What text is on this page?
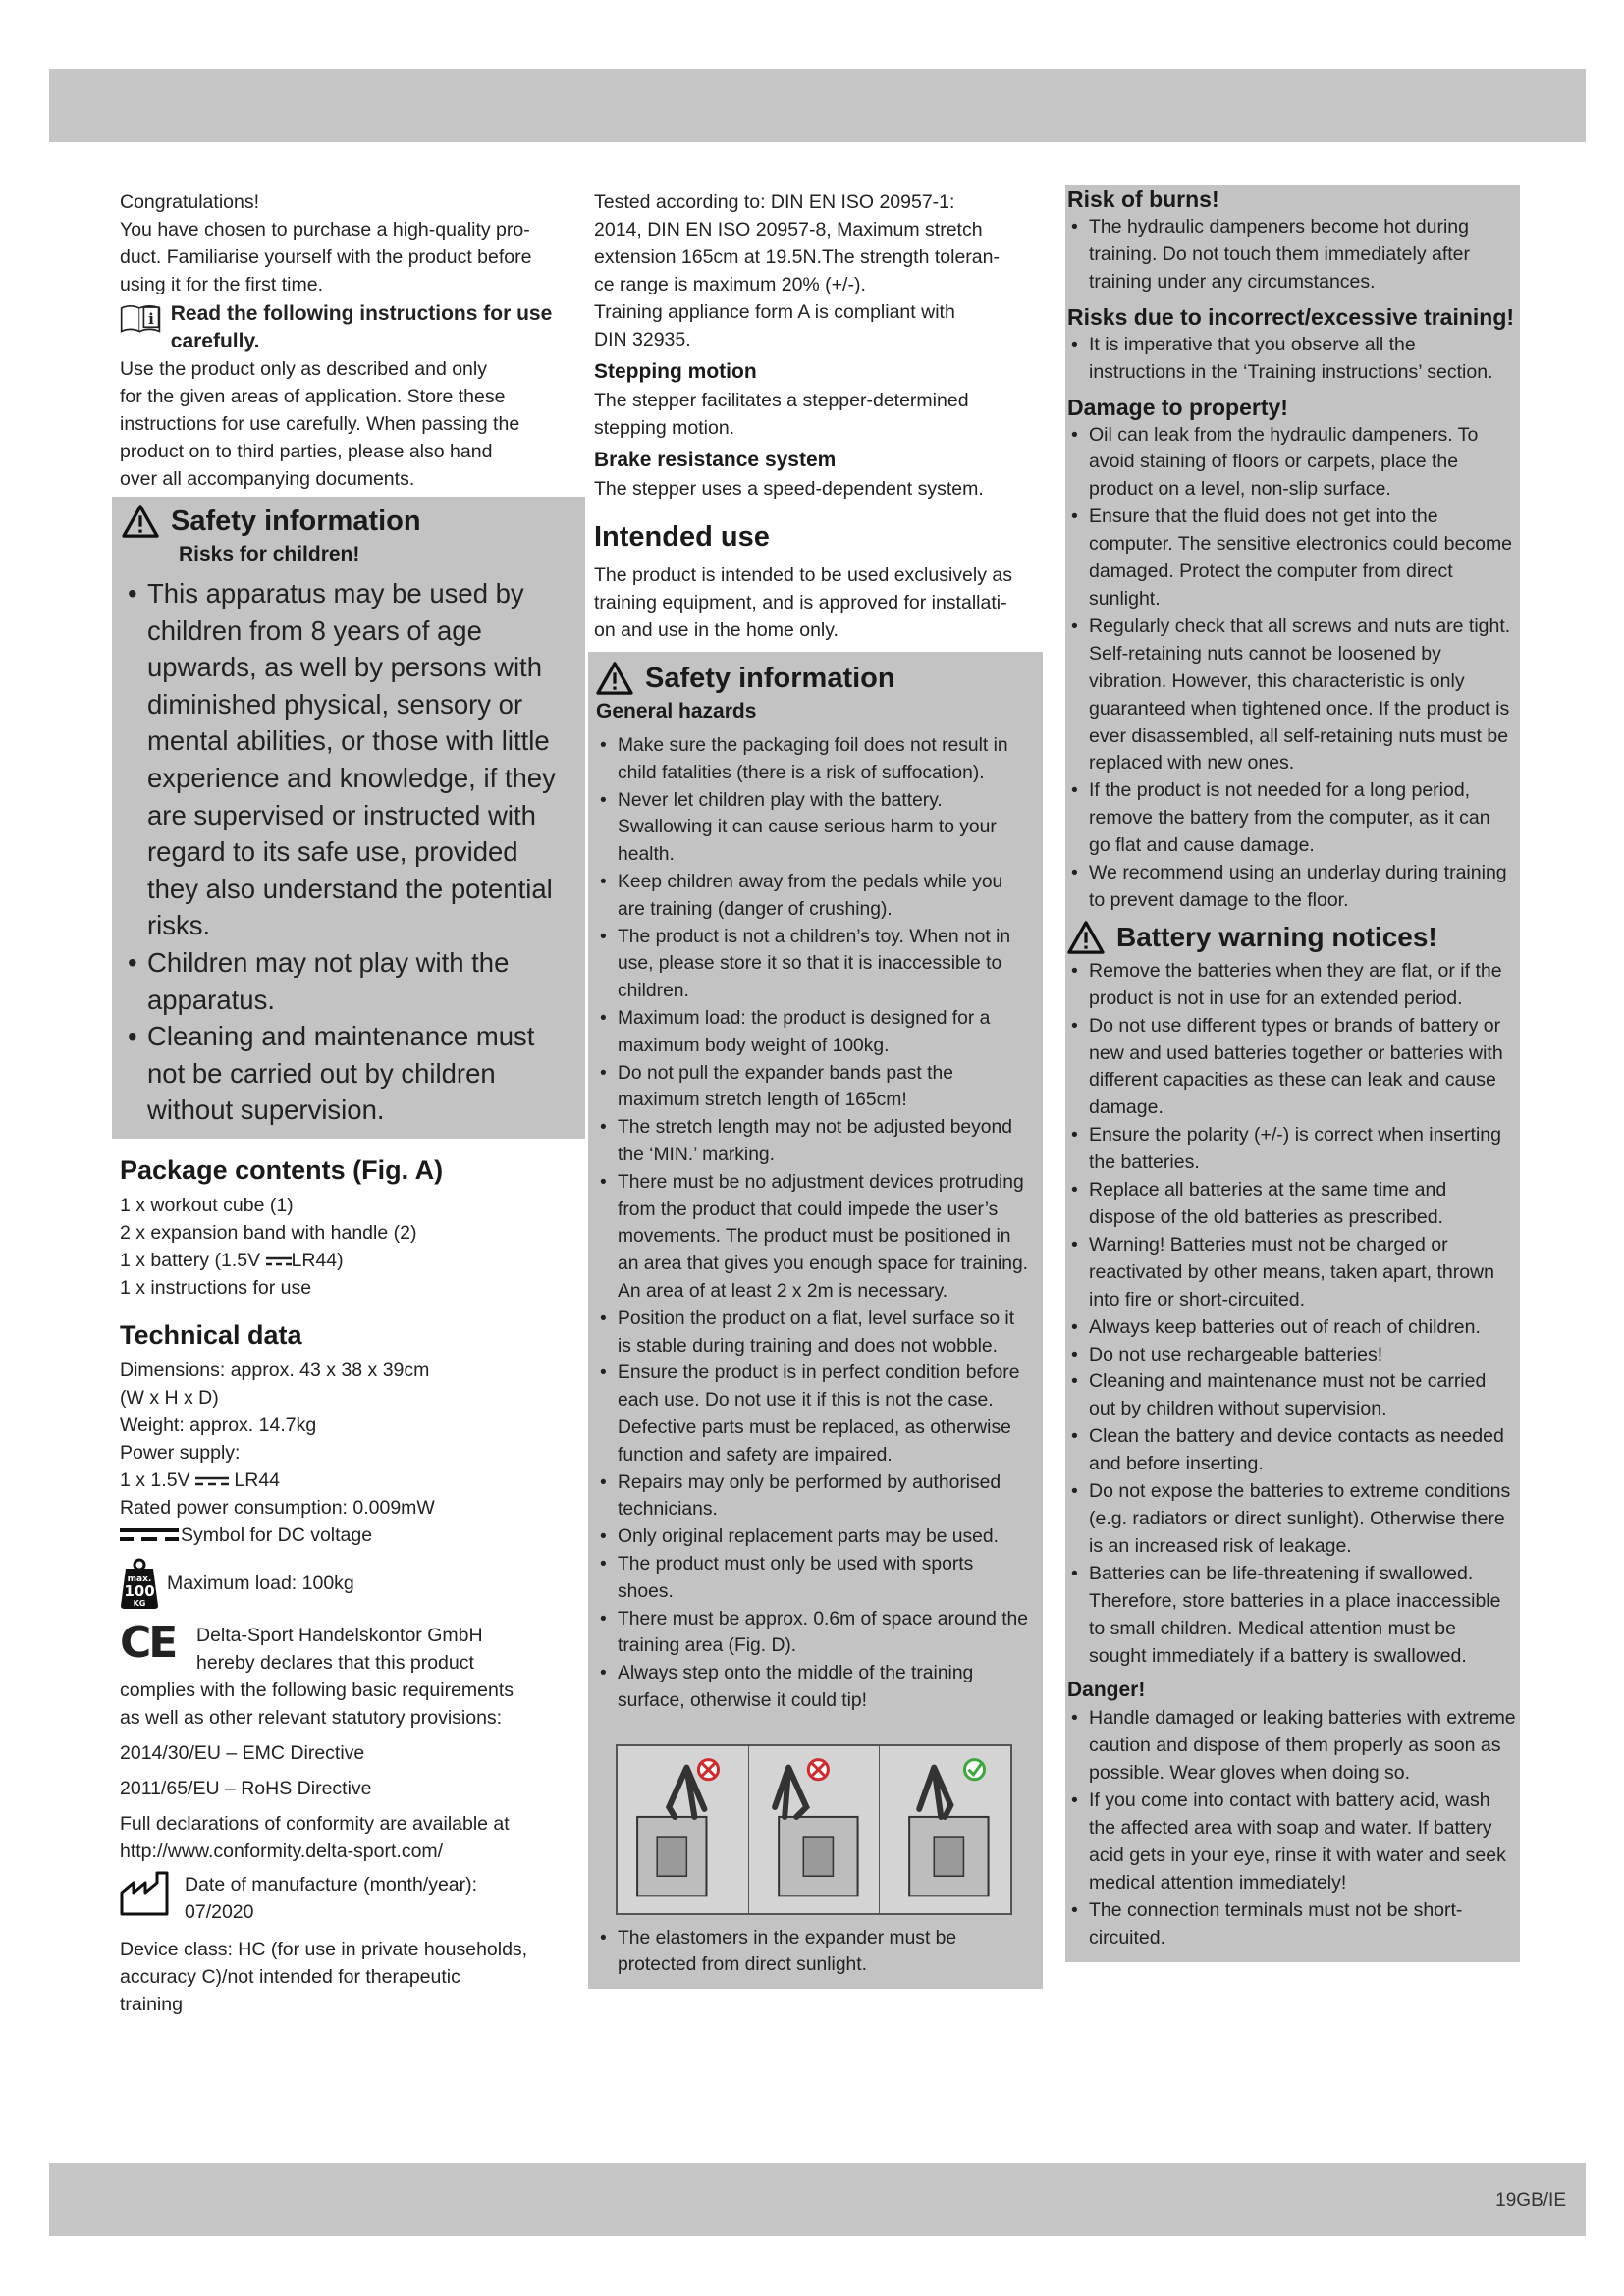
Congratulations!

You have chosen to purchase a high-quality pro-

duct. Familiarise yourself with the product before

using it for the first time.

i Read the following instructions for use carefully.

Use the product only as described and only

for the given areas of application. Store these

instructions for use carefully. When passing the

product on to third parties, please also hand

over all accompanying documents.

Safety information
Risks for children!
• This apparatus may be used by children from 8 years of age upwards, as well by persons with diminished physical, sensory or mental abilities, or those with little experience and knowledge, if they are supervised or instructed with regard to its safe use, provided they also understand the potential risks.
• Children may not play with the apparatus.
• Cleaning and maintenance must not be carried out by children without supervision.
Package contents (Fig. A)

1 x workout cube (1)

2 x expansion band with handle (2)

1 x battery (1.5V LR44)

1 x instructions for use

Technical data

Dimensions: approx. 43 x 38 x 39cm

(W x H x D)

Weight: approx. 14.7kg

Power supply:

1 x 1.5V LR44

Rated power consumption: 0.009mW

Symbol for DC voltage
max.
100
KG
Maximum load: 100kg
CE	Delta-Sport Handelskontor GmbH

hereby declares that this product

complies with the following basic requirements

as well as other relevant statutory provisions:

2014/30/EU – EMC Directive

2011/65/EU – RoHS Directive

Full declarations of conformity are available at

http://www.conformity.delta-sport.com/

Date of manufacture (month/year):

07/2020

Device class: HC (for use in private households,

accuracy C)/not intended for therapeutic

training

Tested according to: DIN EN ISO 20957-1:

2014, DIN EN ISO 20957-8, Maximum stretch

extension 165cm at 19.5N.The strength toleran-

ce range is maximum 20% (+/-).

Training appliance form A is compliant with

DIN 32935.

Stepping motion

The stepper facilitates a stepper-determined

stepping motion.

Brake resistance system

The stepper uses a speed-dependent system.

Intended use

The product is intended to be used exclusively as

training equipment, and is approved for installati-

on and use in the home only.

Safety information
General hazards
• Make sure the packaging foil does not result in child fatalities (there is a risk of suffocation).
• Never let children play with the battery. Swallowing it can cause serious harm to your health.
• Keep children away from the pedals while you are training (danger of crushing).
• The product is not a children’s toy. When not in use, please store it so that it is inaccessible to children.
• Maximum load: the product is designed for a maximum body weight of 100kg.
• Do not pull the expander bands past the maximum stretch length of 165cm!
• The stretch length may not be adjusted beyond the ‘MIN.’ marking.
• There must be no adjustment devices protruding from the product that could impede the user’s movements. The product must be positioned in an area that gives you enough space for training. An area of at least 2 x 2m is necessary.
• Position the product on a flat, level surface so it is stable during training and does not wobble.
• Ensure the product is in perfect condition before each use. Do not use it if this is not the case. Defective parts must be replaced, as otherwise function and safety are impaired.
• Repairs may only be performed by authorised technicians.
• Only original replacement parts may be used.
• The product must only be used with sports shoes.
• There must be approx. 0.6m of space around the training area (Fig. D).
• Always step onto the middle of the training surface, otherwise it could tip!
• The elastomers in the expander must be protected from direct sunlight.
Risk of burns!
• The hydraulic dampeners become hot during training. Do not touch them immediately after training under any circumstances.
Risks due to incorrect/excessive training!
• It is imperative that you observe all the instructions in the ‘Training instructions’ section.
Damage to property!
• Oil can leak from the hydraulic dampeners. To avoid staining of floors or carpets, place the product on a level, non-slip surface.
• Ensure that the fluid does not get into the computer. The sensitive electronics could become damaged. Protect the computer from direct sunlight.
• Regularly check that all screws and nuts are tight. Self-retaining nuts cannot be loosened by vibration. However, this characteristic is only guaranteed when tightened once. If the product is ever disassembled, all self-retaining nuts must be replaced with new ones.
• If the product is not needed for a long period, remove the battery from the computer, as it can go flat and cause damage.
• We recommend using an underlay during training to prevent damage to the floor.
Battery warning notices!
• Remove the batteries when they are flat, or if the product is not in use for an extended period.
• Do not use different types or brands of battery or new and used batteries together or batteries with different capacities as these can leak and cause damage.
• Ensure the polarity (+/-) is correct when inserting the batteries.
• Replace all batteries at the same time and dispose of the old batteries as prescribed.
• Warning! Batteries must not be charged or reactivated by other means, taken apart, thrown into fire or short-circuited.
• Always keep batteries out of reach of children.
• Do not use rechargeable batteries!
• Cleaning and maintenance must not be carried out by children without supervision.
• Clean the battery and device contacts as needed and before inserting.
• Do not expose the batteries to extreme conditions (e.g. radiators or direct sunlight). Otherwise there is an increased risk of leakage.
• Batteries can be life-threatening if swallowed. Therefore, store batteries in a place inaccessible to small children. Medical attention must be sought immediately if a battery is swallowed.
Danger!
• Handle damaged or leaking batteries with extreme caution and dispose of them properly as soon as possible. Wear gloves when doing so.
• If you come into contact with battery acid, wash the affected area with soap and water. If battery acid gets in your eye, rinse it with water and seek medical attention immediately!
• The connection terminals must not be short-circuited.
19GB/IE
